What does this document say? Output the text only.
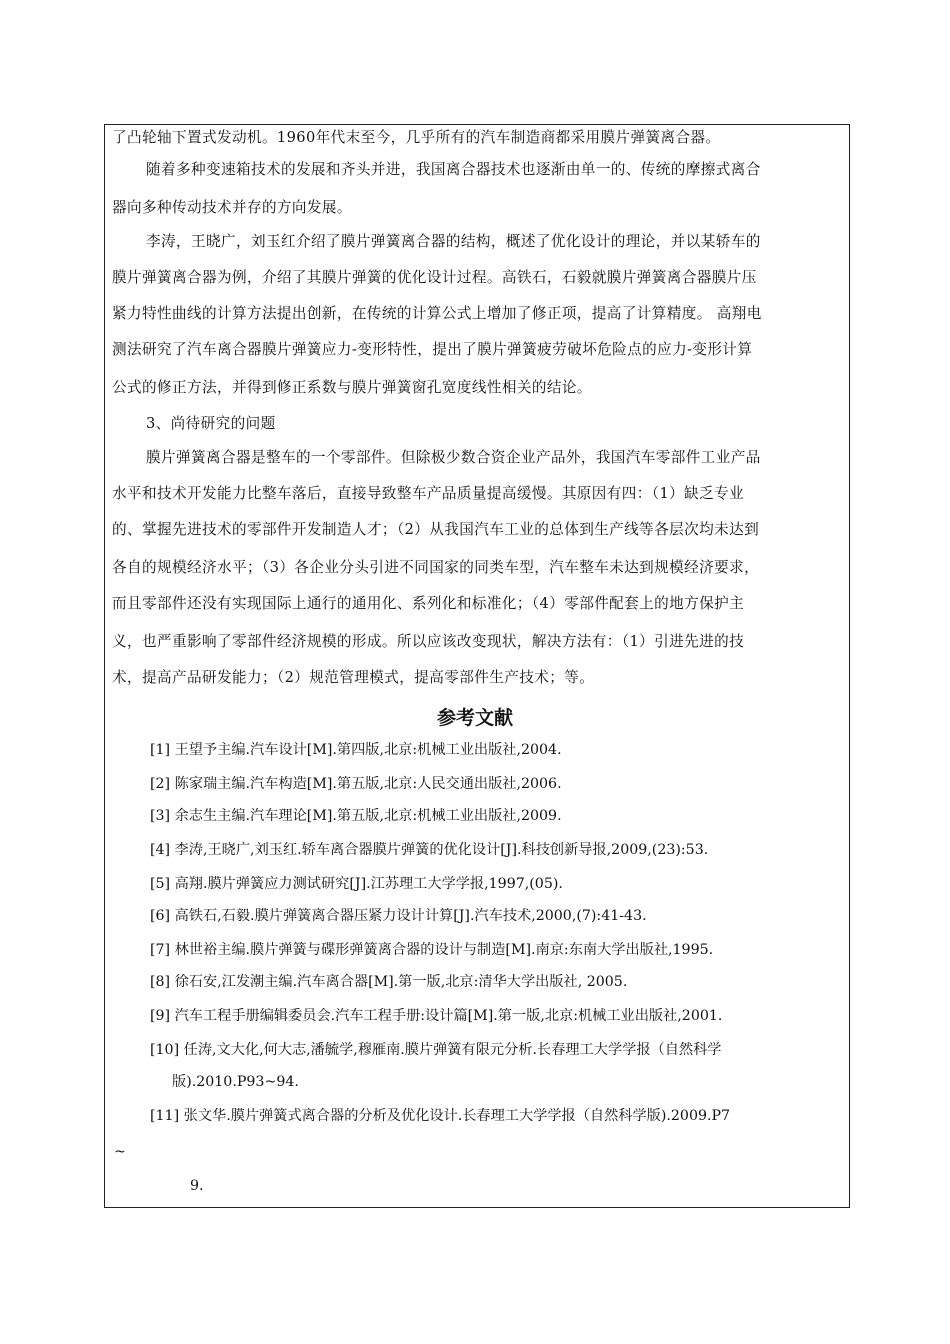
了凸轮轴下置式发动机。1960年代末至今，几乎所有的汽车制造商都采用膜片弹簧离合器。
随着多种变速箱技术的发展和齐头并进，我国离合器技术也逐渐由单一的、传统的摩擦式离合
器向多种传动技术并存的方向发展。
李涛，王晓广，刘玉红介绍了膜片弹簧离合器的结构，概述了优化设计的理论，并以某轿车的
膜片弹簧离合器为例，介绍了其膜片弹簧的优化设计过程。高铁石，石毅就膜片弹簧离合器膜片压
紧力特性曲线的计算方法提出创新，在传统的计算公式上增加了修正项，提高了计算精度。 高翔电
测法研究了汽车离合器膜片弹簧应力-变形特性，提出了膜片弹簧疲劳破坏危险点的应力-变形计算
公式的修正方法，并得到修正系数与膜片弹簧窗孔宽度线性相关的结论。
3、尚待研究的问题
膜片弹簧离合器是整车的一个零部件。但除极少数合资企业产品外，我国汽车零部件工业产品
水平和技术开发能力比整车落后，直接导致整车产品质量提高缓慢。其原因有四：（1）缺乏专业
的、掌握先进技术的零部件开发制造人才；（2）从我国汽车工业的总体到生产线等各层次均未达到
各自的规模经济水平；（3）各企业分头引进不同国家的同类车型，汽车整车未达到规模经济要求，
而且零部件还没有实现国际上通行的通用化、系列化和标准化；（4）零部件配套上的地方保护主
义，也严重影响了零部件经济规模的形成。所以应该改变现状，解决方法有：（1）引进先进的技
术，提高产品研发能力；（2）规范管理模式，提高零部件生产技术；等。
参考文献
[1] 王望予主编.汽车设计[M].第四版,北京:机械工业出版社,2004.
[2] 陈家瑞主编.汽车构造[M].第五版,北京:人民交通出版社,2006.
[3] 余志生主编.汽车理论[M].第五版,北京:机械工业出版社,2009.
[4] 李涛,王晓广,刘玉红.轿车离合器膜片弹簧的优化设计[J].科技创新导报,2009,(23):53.
[5] 高翔.膜片弹簧应力测试研究[J].江苏理工大学学报,1997,(05).
[6] 高铁石,石毅.膜片弹簧离合器压紧力设计计算[J].汽车技术,2000,(7):41-43.
[7] 林世裕主编.膜片弹簧与碟形弹簧离合器的设计与制造[M].南京:东南大学出版社,1995.
[8] 徐石安,江发潮主编.汽车离合器[M].第一版,北京:清华大学出版社, 2005.
[9] 汽车工程手册编辑委员会.汽车工程手册:设计篇[M].第一版,北京:机械工业出版社,2001.
[10] 任涛,文大化,何大志,潘毓学,穆雁南.膜片弹簧有限元分析.长春理工大学学报（自然科学
版).2010.P93~94.
[11] 张文华.膜片弹簧式离合器的分析及优化设计.长春理工大学学报（自然科学版).2009.P7
~
9.
